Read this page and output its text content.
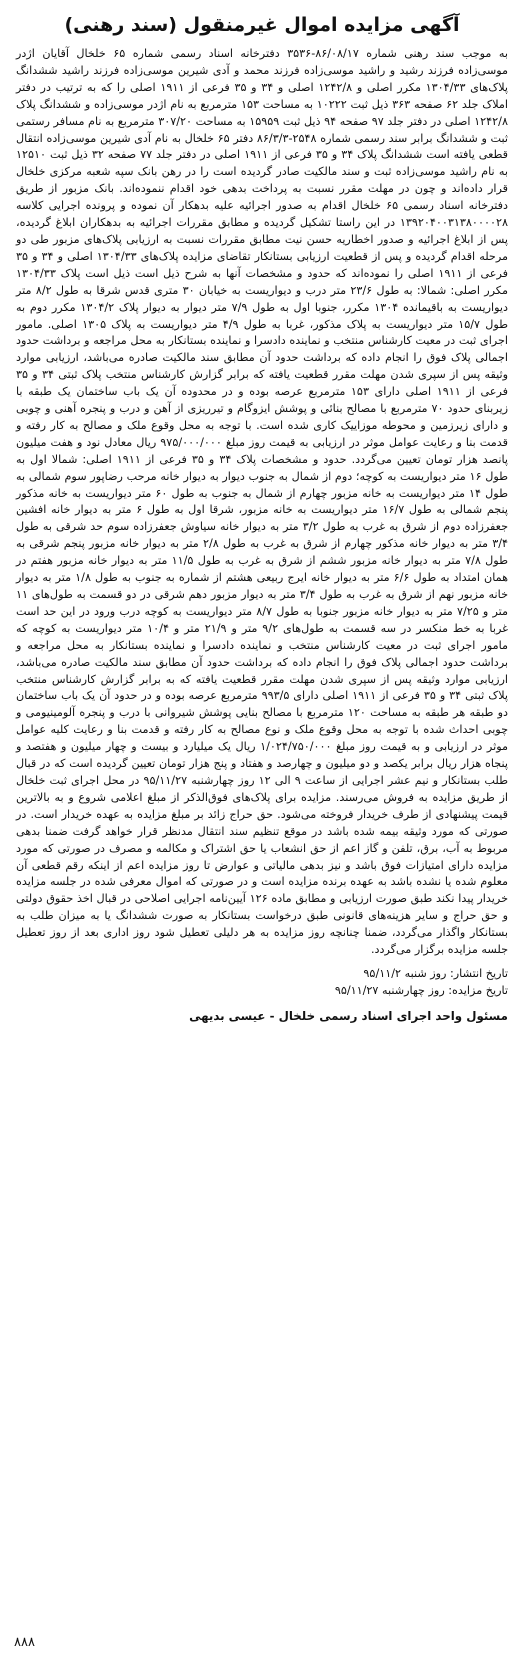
آگهی مزایده اموال غیرمنقول (سند رهنی)

به موجب سند رهنی شماره ۸۶/۰۸/۱۷-۳۵۳۶ دفترخانه اسناد رسمی شماره ۶۵ خلخال آقایان اژدر موسی‌زاده فرزند رشید و راشید موسی‌زاده فرزند محمد و آدی شیرین موسی‌زاده فرزند راشید ششدانگ پلاک‌های ۱۳۰۴/۳۳ مکرر اصلی و ۱۲۴۲/۸ اصلی و ۳۴ و ۳۵ فرعی از ۱۹۱۱ اصلی را که به ترتیب در دفتر املاک جلد ۶۲ صفحه ۳۶۳ ذیل ثبت ۱۰۲۲۲ به مساحت ۱۵۳ مترمربع به نام اژدر موسی‌زاده و ششدانگ پلاک ۱۲۴۲/۸ اصلی در دفتر جلد ۹۷ صفحه ۹۴ ذیل ثبت ۱۵۹۵۹ به مساحت ۳۰۷/۲۰ مترمربع به نام مسافر رستمی ثبت و ششدانگ برابر سند رسمی شماره ۲۵۴۸-۸۶/۳/۳ دفتر ۶۵ خلخال به نام آدی شیرین موسی‌زاده انتقال قطعی یافته است ششدانگ پلاک ۳۴ و ۳۵ فرعی از ۱۹۱۱ اصلی در دفتر جلد ۷۷ صفحه ۳۲ ذیل ثبت ۱۲۵۱۰ به نام راشید موسی‌زاده ثبت و سند مالکیت صادر گردیده است را در رهن بانک سپه شعبه مرکزی خلخال قرار داده‌اند و چون در مهلت مقرر نسبت به پرداخت بدهی خود اقدام ننموده‌اند. بانک مزبور از طریق دفترخانه اسناد رسمی ۶۵ خلخال اقدام به صدور اجرائیه علیه بدهکار آن نموده و پرونده اجرایی کلاسه ۱۳۹۲۰۴۰۰۳۱۳۸۰۰۰۰۲۸ در این راستا تشکیل گردیده و مطابق مقررات اجرائیه به بدهکاران ابلاغ گردیده، پس از ابلاغ اجرائیه و صدور اخطاریه حسن نیت مطابق مقررات نسبت به ارزیابی پلاک‌های مزبور طی دو مرحله اقدام گردیده و پس از قطعیت ارزیابی بستانکار تقاضای مزایده پلاک‌های ۱۳۰۴/۳۳ اصلی و ۳۴ و ۳۵ فرعی از ۱۹۱۱ اصلی را نموده‌اند که حدود و مشخصات آنها به شرح ذیل است ذیل است پلاک ۱۳۰۴/۳۳ مکرر اصلی: شمالا: به طول ۲۳/۶ متر درب و دیواریست به خیابان ۳۰ متری قدس شرقا به طول ۸/۲ متر دیواریست به باقیمانده ۱۳۰۴ مکرر، جنوبا اول به طول ۷/۹ متر دیوار به دیوار پلاک ۱۳۰۴/۲ مکرر دوم به طول ۱۵/۷ متر دیواریست به پلاک مذکور، غربا به طول ۴/۹ متر دیواریست به پلاک ۱۳۰۵ اصلی. مامور اجرای ثبت در معیت کارشناس منتخب و نماینده دادسرا و نماینده بستانکار به محل مراجعه و برداشت حدود اجمالی پلاک فوق را انجام داده که برداشت حدود آن مطابق سند مالکیت صادره می‌باشد، ارزیابی موارد وثیقه پس از سپری شدن مهلت مقرر قطعیت یافته که برابر گزارش کارشناس منتخب پلاک ثبتی ۳۴ و ۳۵ فرعی از ۱۹۱۱ اصلی دارای ۱۵۳ مترمربع عرصه بوده و در محدوده آن یک باب ساختمان یک طبقه با زیربنای حدود ۷۰ مترمربع با مصالح بنائی و پوشش ایزوگام و تیرریزی از آهن و درب و پنجره آهنی و چوبی و دارای زیرزمین و محوطه موزاییک کاری شده است. با توجه به محل وقوع ملک و مصالح به کار رفته و قدمت بنا و رعایت عوامل موثر در ارزیابی به قیمت روز مبلغ ۹۷۵/۰۰۰/۰۰۰ ریال معادل نود و هفت میلیون پانصد هزار تومان تعیین می‌گردد. حدود و مشخصات پلاک ۳۴ و ۳۵ فرعی از ۱۹۱۱ اصلی: شمالا اول به طول ۱۶ متر دیواریست به کوچه؛ دوم از شمال به جنوب دیوار به دیوار خانه مرحب رضاپور سوم شمالی به طول ۱۴ متر دیواریست به خانه مزبور چهارم از شمال به جنوب به طول ۶۰ متر دیواریست به خانه مذکور پنجم شمالی به طول ۱۶/۷ متر دیواریست به خانه مزبور، شرقا اول به طول ۶ متر به دیوار خانه افشین جعفرزاده دوم از شرق به غرب به طول ۳/۲ متر به دیوار خانه سیاوش جعفرزاده سوم حد شرقی به طول ۳/۴ متر به دیوار خانه مذکور چهارم از شرق به غرب به طول ۲/۸ متر به دیوار خانه مزبور پنجم شرقی به طول ۷/۸ متر به دیوار خانه مزبور ششم از شرق به غرب به طول ۱۱/۵ متر به دیوار خانه مزبور هفتم در همان امتداد به طول ۶/۶ متر به دیوار خانه ایرج ربیعی هشتم از شماره به جنوب به طول ۱/۸ متر به دیوار خانه مزبور نهم از شرق به غرب به طول ۳/۴ متر به دیوار مزبور دهم شرقی در دو قسمت به طول‌های ۱۱ متر و ۷/۲۵ متر به دیوار خانه مزبور جنوبا به طول ۸/۷ متر دیواریست به کوچه درب ورود در این حد است غربا به خط منکسر در سه قسمت به طول‌های ۹/۲ متر و ۲۱/۹ متر و ۱۰/۴ متر دیواریست به کوچه که مامور اجرای ثبت در معیت کارشناس منتخب و نماینده دادسرا و نماینده بستانکار به محل مراجعه و برداشت حدود اجمالی پلاک فوق را انجام داده که برداشت حدود آن مطابق سند مالکیت صادره می‌باشد، ارزیابی موارد وثیقه پس از سپری شدن مهلت مقرر قطعیت یافته که به برابر گزارش کارشناس منتخب پلاک ثبتی ۳۴ و ۳۵ فرعی از ۱۹۱۱ اصلی دارای ۹۹۳/۵ مترمربع عرصه بوده و در حدود آن یک باب ساختمان دو طبقه هر طبقه به مساحت ۱۲۰ مترمربع با مصالح بنایی پوشش شیروانی با درب و پنجره آلومینیومی و چوبی احداث شده با توجه به محل وقوع ملک و نوع مصالح به کار رفته و قدمت بنا و رعایت کلیه عوامل موثر در ارزیابی و به قیمت روز مبلغ ۱/۰۲۴/۷۵۰/۰۰۰ ریال یک میلیارد و بیست و چهار میلیون و هفتصد و پنجاه هزار ریال برابر یکصد و دو میلیون و چهارصد و هفتاد و پنج هزار تومان تعیین گردیده است که در قبال طلب بستانکار و نیم عشر اجرایی از ساعت ۹ الی ۱۲ روز چهارشنبه ۹۵/۱۱/۲۷ در محل اجرای ثبت خلخال از طریق مزایده به فروش می‌رسند. مزایده برای پلاک‌های فوق‌الذکر از مبلغ اعلامی شروع و به بالاترین قیمت پیشنهادی از طرف خریدار فروخته می‌شود. حق حراج زائد بر مبلغ مزایده به عهده خریدار است. در صورتی که مورد وثیقه بیمه شده باشد در موقع تنظیم سند انتقال مدنظر قرار خواهد گرفت ضمنا بدهی مربوط به آب، برق، تلفن و گاز اعم از حق انشعاب یا حق اشتراک و مکالمه و مصرف در صورتی که مورد مزایده دارای امتیازات فوق باشد و نیز بدهی مالیاتی و عوارض تا روز مزایده اعم از اینکه رقم قطعی آن معلوم شده یا نشده باشد به عهده برنده مزایده است و در صورتی که اموال معرفی شده در جلسه مزایده خریدار پیدا نکند طبق صورت ارزیابی و مطابق ماده ۱۲۶ آیین‌نامه اجرایی اصلاحی در قبال اخذ حقوق دولتی و حق حراج و سایر هزینه‌های قانونی طبق درخواست بستانکار به صورت ششدانگ یا به میزان طلب به بستانکار واگذار می‌گردد، ضمنا چنانچه روز مزایده به هر دلیلی تعطیل شود روز اداری بعد از روز تعطیل جلسه مزایده برگزار می‌گردد.

تاریخ انتشار: روز شنبه ۹۵/۱۱/۲
تاریخ مزایده: روز چهارشنبه ۹۵/۱۱/۲۷
مسئول واحد اجرای اسناد رسمی خلخال - عیسی بدیهی
۸۸۸
